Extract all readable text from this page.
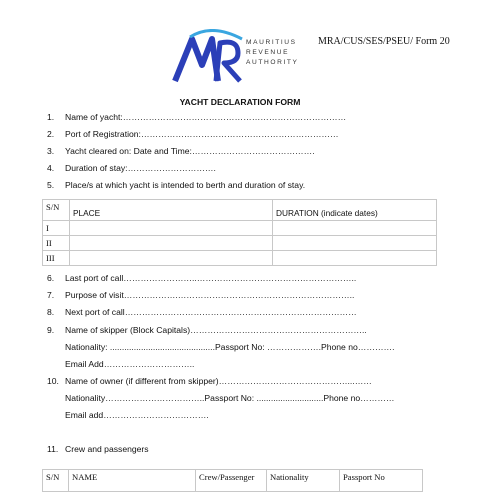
MAURITIUS
REVENUE
AUTHORITY
MRA/CUS/SES/PSEU/ Form 20
YACHT DECLARATION FORM
1. Name of yacht:……………………………………………………………………
2. Port of Registration:……………………………………………………………
3. Yacht cleared on: Date and Time:…………………………………….
4. Duration of stay:………………………….
5. Place/s at which yacht is intended to berth and duration of stay.
S/N	PLACE	DURATION (indicate dates)
I		
II		
III		
6. Last port of call……………………..………………………………………………..
7. Purpose of visit……………….……………………………………………………..
8. Next port of call………………………………………………………………………
9. Name of skipper (Block Capitals)……………………………………………………..
Nationality: ............................................Passport No: ……………….Phone no………….
Email Add…………………………..
10. Name of owner (if different from skipper)………………………………………...……
Nationality……………………………..Passport No: ............................Phone no…………
Email add……………………………….
11. Crew and passengers
S/N	NAME	Crew/Passenger	Nationality	Passport No
